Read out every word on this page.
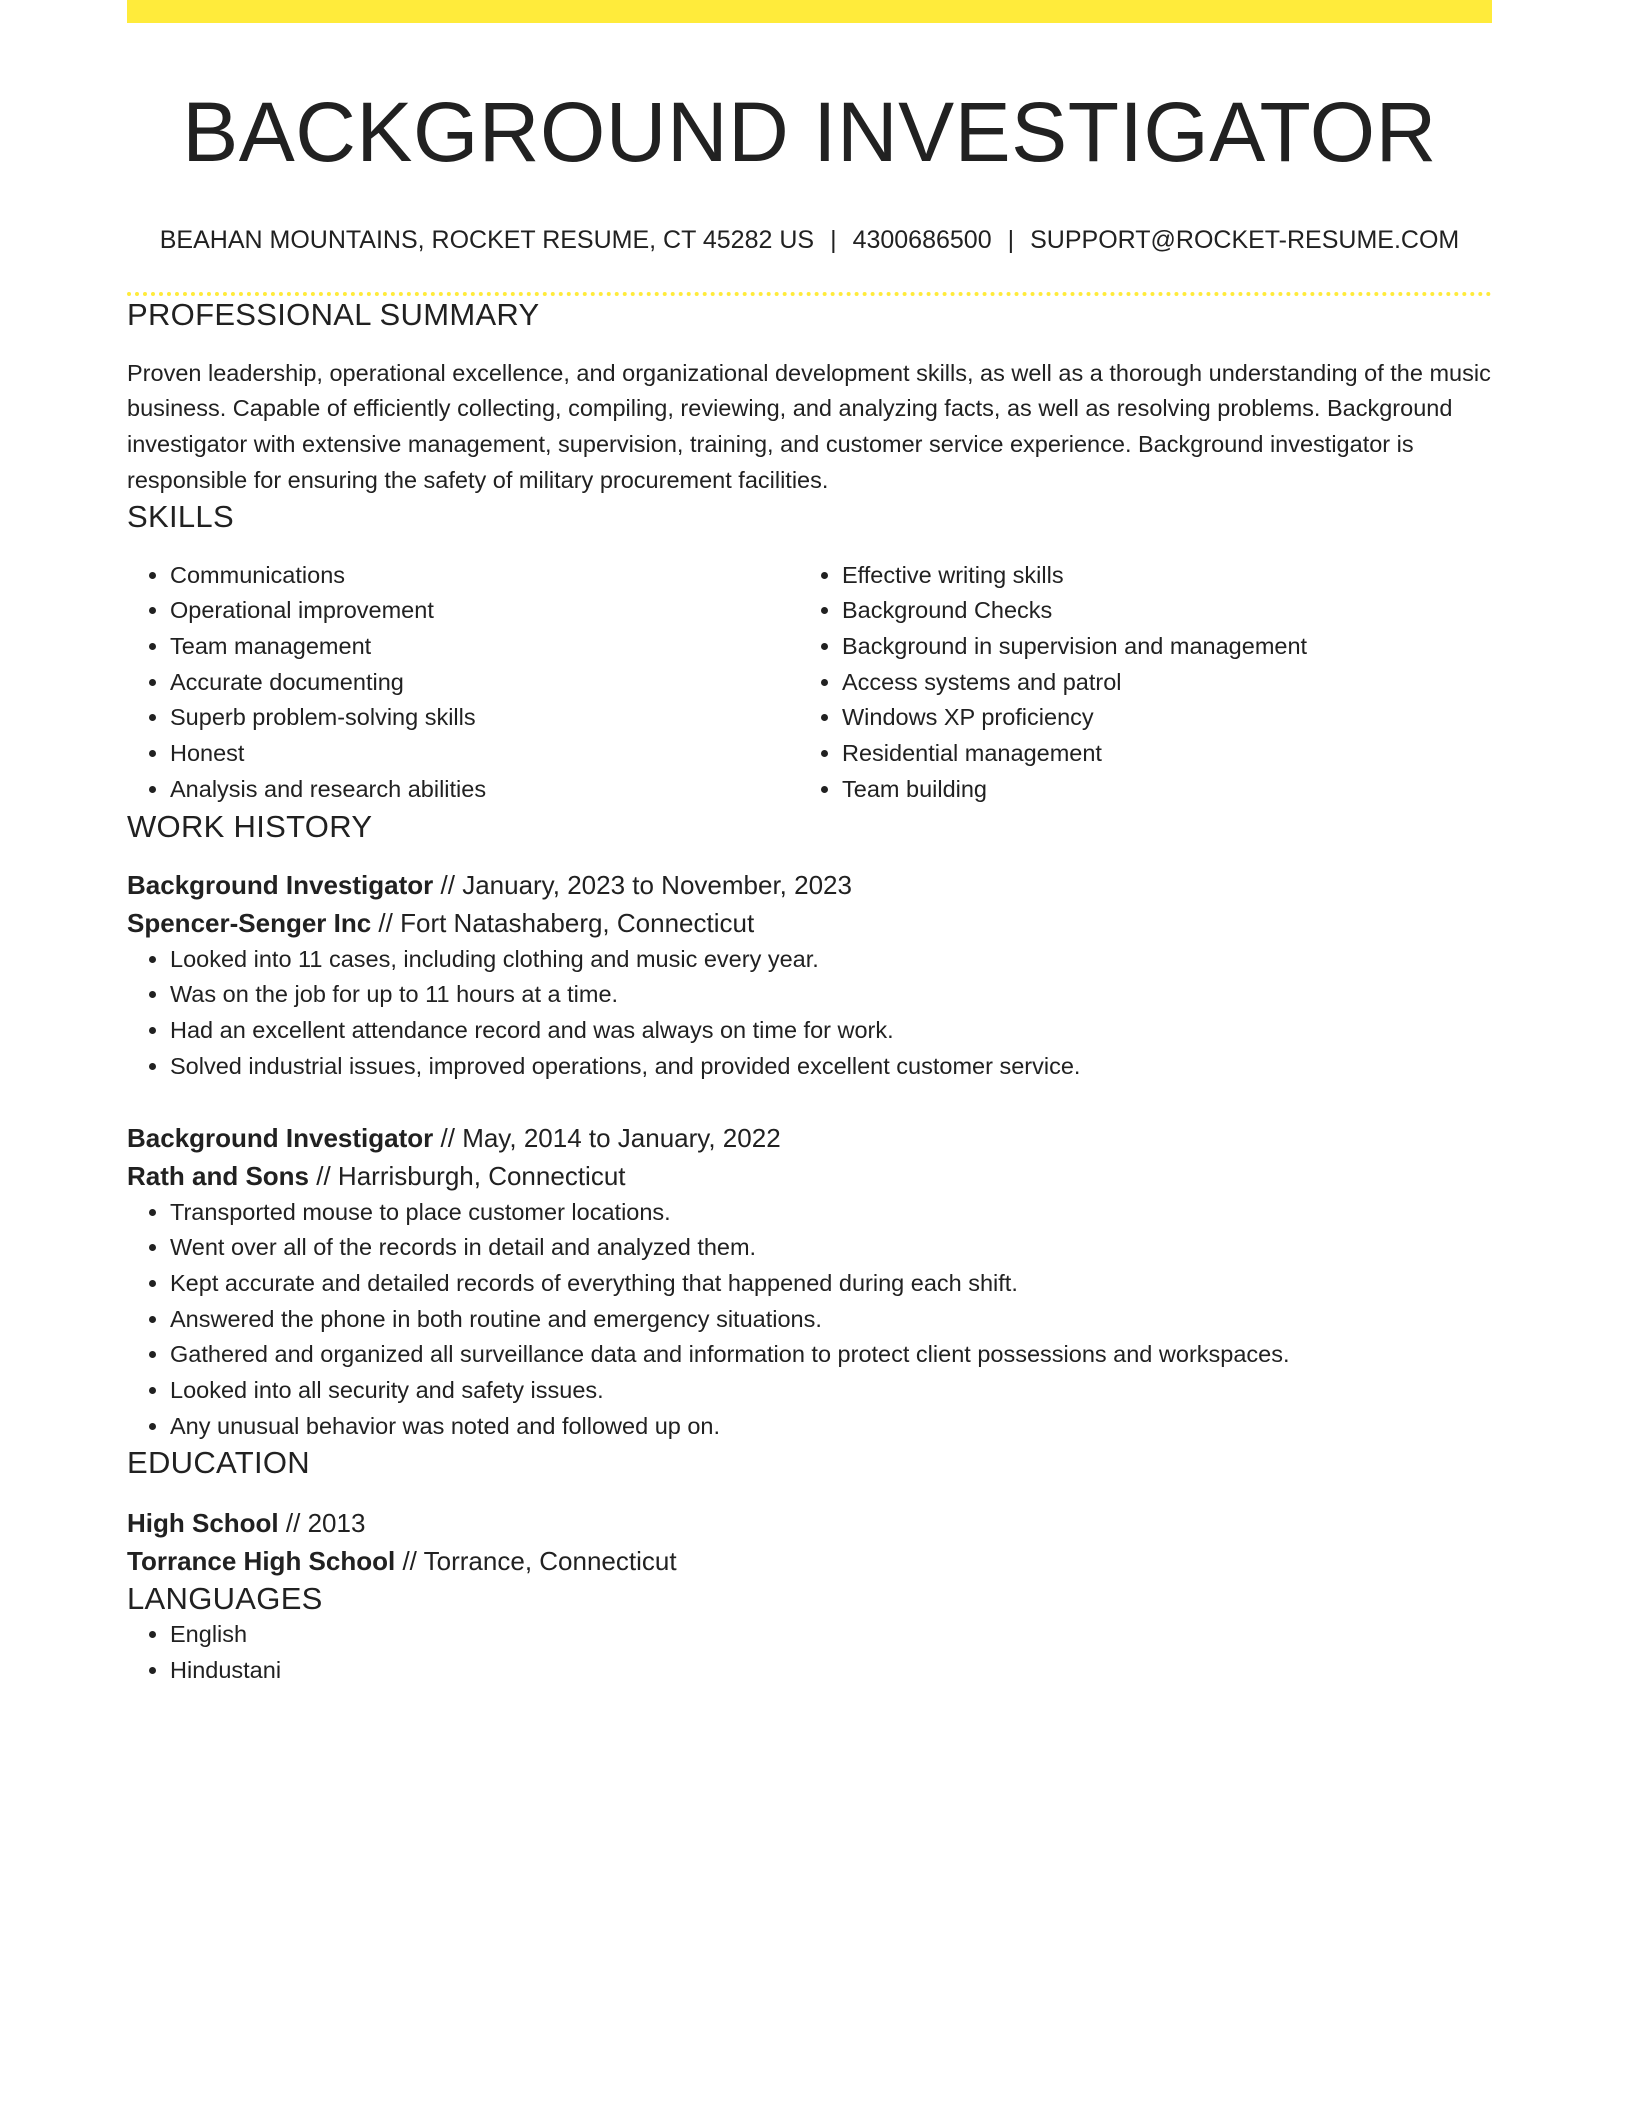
BACKGROUND INVESTIGATOR
BEAHAN MOUNTAINS, ROCKET RESUME, CT 45282 US | 4300686500 | SUPPORT@ROCKET-RESUME.COM
PROFESSIONAL SUMMARY

Proven leadership, operational excellence, and organizational development skills, as well as a thorough understanding of the music business. Capable of efficiently collecting, compiling, reviewing, and analyzing facts, as well as resolving problems. Background investigator with extensive management, supervision, training, and customer service experience. Background investigator is responsible for ensuring the safety of military procurement facilities.

SKILLS
• Communications
• Operational improvement
• Team management
• Accurate documenting
• Superb problem-solving skills
• Honest
• Analysis and research abilities
• Effective writing skills
• Background Checks
• Background in supervision and management
• Access systems and patrol
• Windows XP proficiency
• Residential management
• Team building
WORK HISTORY
Background Investigator // January, 2023 to November, 2023
Spencer-Senger Inc // Fort Natashaberg, Connecticut
• Looked into 11 cases, including clothing and music every year.
• Was on the job for up to 11 hours at a time.
• Had an excellent attendance record and was always on time for work.
• Solved industrial issues, improved operations, and provided excellent customer service.
Background Investigator // May, 2014 to January, 2022
Rath and Sons // Harrisburgh, Connecticut
• Transported mouse to place customer locations.
• Went over all of the records in detail and analyzed them.
• Kept accurate and detailed records of everything that happened during each shift.
• Answered the phone in both routine and emergency situations.
• Gathered and organized all surveillance data and information to protect client possessions and workspaces.
• Looked into all security and safety issues.
• Any unusual behavior was noted and followed up on.
EDUCATION
High School // 2013
Torrance High School // Torrance, Connecticut
LANGUAGES
• English
• Hindustani
